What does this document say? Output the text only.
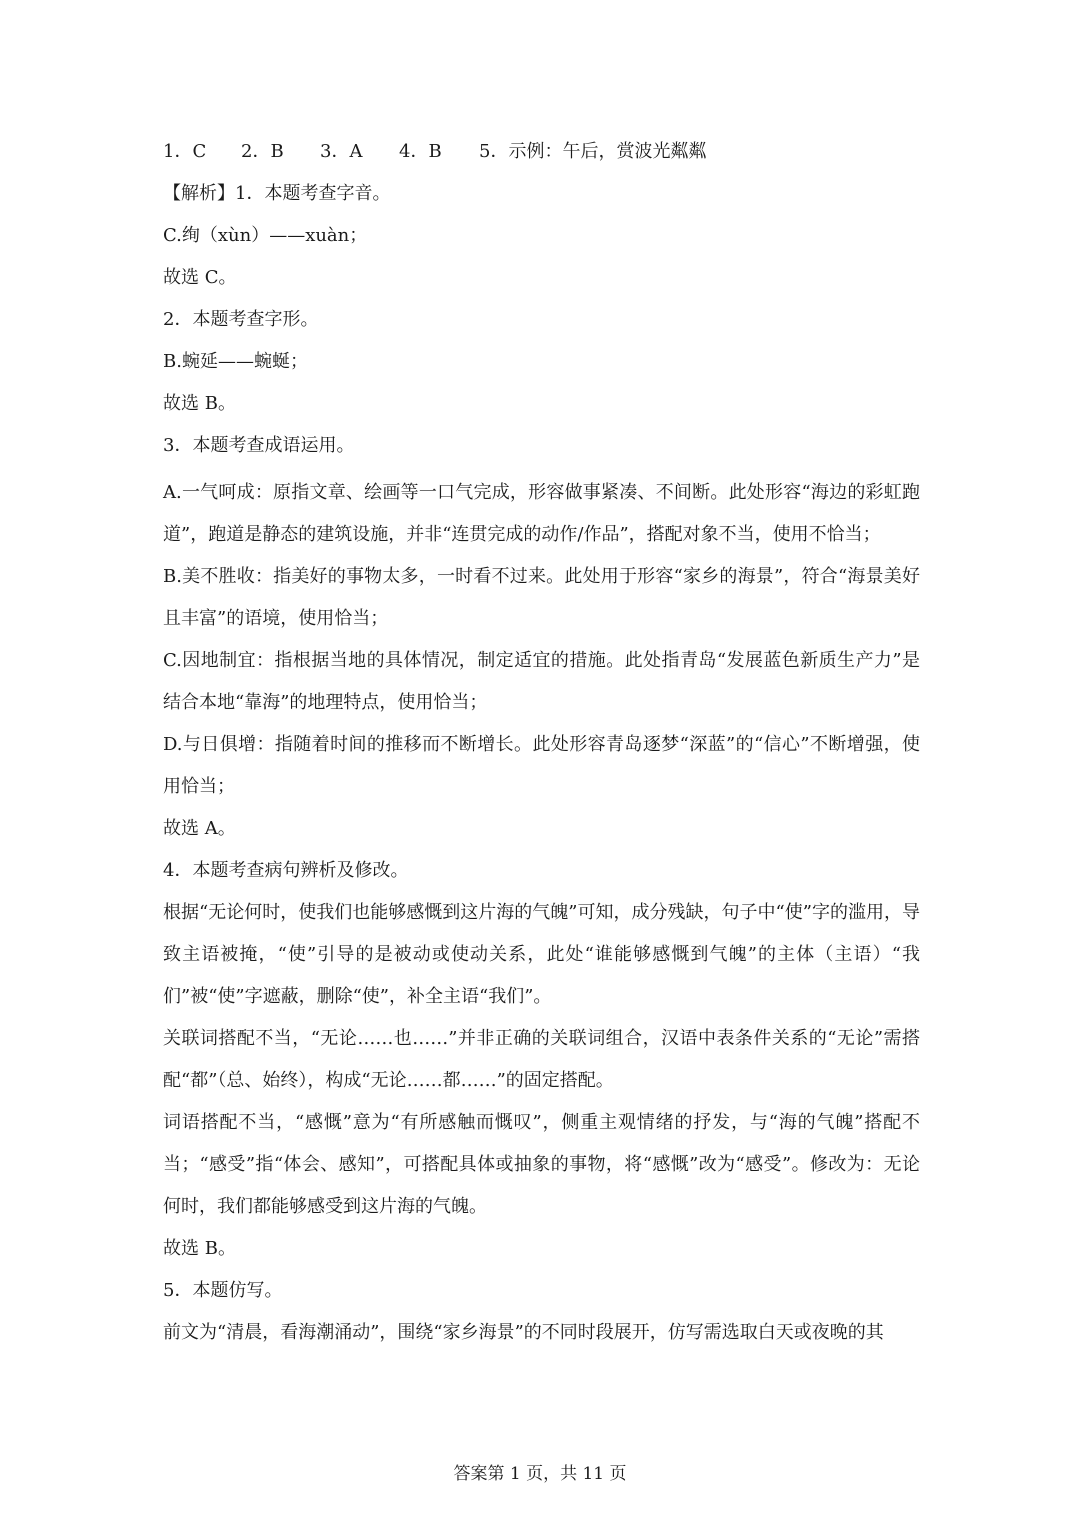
1．C	2．B	3．A	4．B	5．示例：午后，赏波光粼粼
【解析】1．本题考查字音。
C.绚（xùn）——xuàn；
故选 C。
2．本题考查字形。
B.蜿延——蜿蜒；
故选 B。
3．本题考查成语运用。
A.一气呵成：原指文章、绘画等一口气完成，形容做事紧凑、不间断。此处形容“海边的彩虹跑道”，跑道是静态的建筑设施，并非“连贯完成的动作/作品”，搭配对象不当，使用不恰当；
B.美不胜收：指美好的事物太多，一时看不过来。此处用于形容“家乡的海景”，符合“海景美好且丰富”的语境，使用恰当；
C.因地制宜：指根据当地的具体情况，制定适宜的措施。此处指青岛“发展蓝色新质生产力”是结合本地“靠海”的地理特点，使用恰当；
D.与日俱增：指随着时间的推移而不断增长。此处形容青岛逐梦“深蓝”的“信心”不断增强，使用恰当；
故选 A。
4．本题考查病句辨析及修改。
根据“无论何时，使我们也能够感慨到这片海的气魄”可知，成分残缺，句子中“使”字的滥用，导致主语被掩，“使”引导的是被动或使动关系，此处“谁能够感慨到气魄”的主体（主语）“我们”被“使”字遮蔽，删除“使”，补全主语“我们”。
关联词搭配不当，“无论……也……”并非正确的关联词组合，汉语中表条件关系的“无论”需搭配“都”（总、始终），构成“无论……都……”的固定搭配。
词语搭配不当，“感慨”意为“有所感触而慨叹”，侧重主观情绪的抒发，与“海的气魄”搭配不当；“感受”指“体会、感知”，可搭配具体或抽象的事物，将“感慨”改为“感受”。修改为：无论何时，我们都能够感受到这片海的气魄。
故选 B。
5．本题仿写。
前文为“清晨，看海潮涌动”，围绕“家乡海景”的不同时段展开，仿写需选取白天或夜晚的其
答案第 1 页，共 11 页
